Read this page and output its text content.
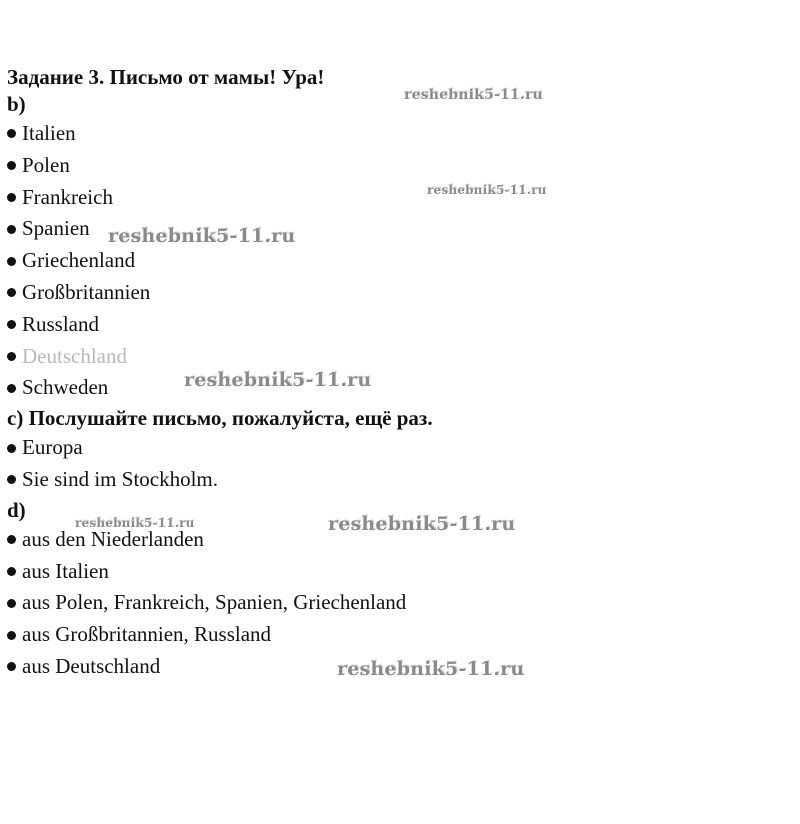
Задание 3. Письмо от мамы! Ура!

b)

Italien
Polen
Frankreich
Spanien
Griechenland
Großbritannien
Russland
Deutschland
Schweden

c) Послушайте письмо, пожалуйста, ещё раз.

Europa
Sie sind im Stockholm.

d)

aus den Niederlanden
aus Italien
aus Polen, Frankreich, Spanien, Griechenland
aus Großbritannien, Russland
aus Deutschland
reshebnik5-11.ru
reshebnik5-11.ru
reshebnik5-11.ru
reshebnik5-11.ru
reshebnik5-11.ru	reshebnik5-11.ru
reshebnik5-11.ru
